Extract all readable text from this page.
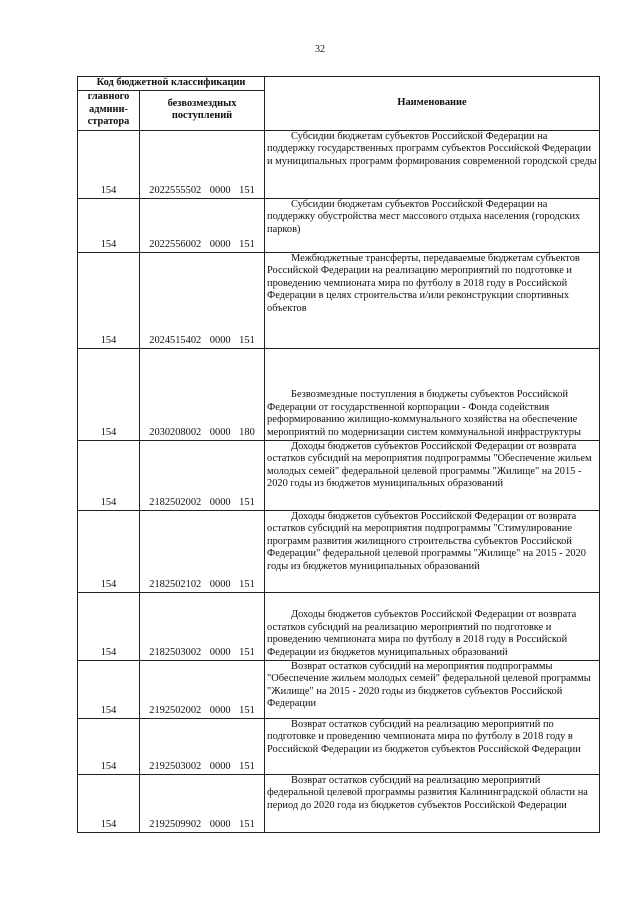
32
Код бюджетной классификации		Наименование
главного админи-стратора	безвозмездных поступлений	
154	2022555502 0000 151	Субсидии бюджетам субъектов Российской Федерации на поддержку государственных программ субъектов Российской Федерации и муниципальных программ формирования современной городской среды
154	2022556002 0000 151	Субсидии бюджетам субъектов Российской Федерации на поддержку обустройства мест массового отдыха населения (городских парков)
154	2024515402 0000 151	Межбюджетные трансферты, передаваемые бюджетам субъектов Российской Федерации на реализацию мероприятий по подготовке и проведению чемпионата мира по футболу в 2018 году в Российской Федерации в целях строительства и/или реконструкции спортивных объектов
154	2030208002 0000 180	Безвозмездные поступления в бюджеты субъектов Российской Федерации от государственной корпорации - Фонда содействия реформированию жилищно-коммунального хозяйства на обеспечение мероприятий по модернизации систем коммунальной инфраструктуры
154	2182502002 0000 151	Доходы бюджетов субъектов Российской Федерации от возврата остатков субсидий на мероприятия подпрограммы "Обеспечение жильем молодых семей" федеральной целевой программы "Жилище" на 2015 - 2020 годы из бюджетов муниципальных образований
154	2182502102 0000 151	Доходы бюджетов субъектов Российской Федерации от возврата остатков субсидий на мероприятия подпрограммы "Стимулирование программ развития жилищного строительства субъектов Российской Федерации" федеральной целевой программы "Жилище" на 2015 - 2020 годы из бюджетов муниципальных образований
154	2182503002 0000 151	Доходы бюджетов субъектов Российской Федерации от возврата остатков субсидий на реализацию мероприятий по подготовке и проведению чемпионата мира по футболу в 2018 году в Российской Федерации из бюджетов муниципальных образований
154	2192502002 0000 151	Возврат остатков субсидий на мероприятия подпрограммы "Обеспечение жильем молодых семей" федеральной целевой программы "Жилище" на 2015 - 2020 годы из бюджетов субъектов Российской Федерации
154	2192503002 0000 151	Возврат остатков субсидий на реализацию мероприятий по подготовке и проведению чемпионата мира по футболу в 2018 году в Российской Федерации из бюджетов субъектов Российской Федерации
154	2192509902 0000 151	Возврат остатков субсидий на реализацию мероприятий федеральной целевой программы развития Калининградской области на период до 2020 года из бюджетов субъектов Российской Федерации
